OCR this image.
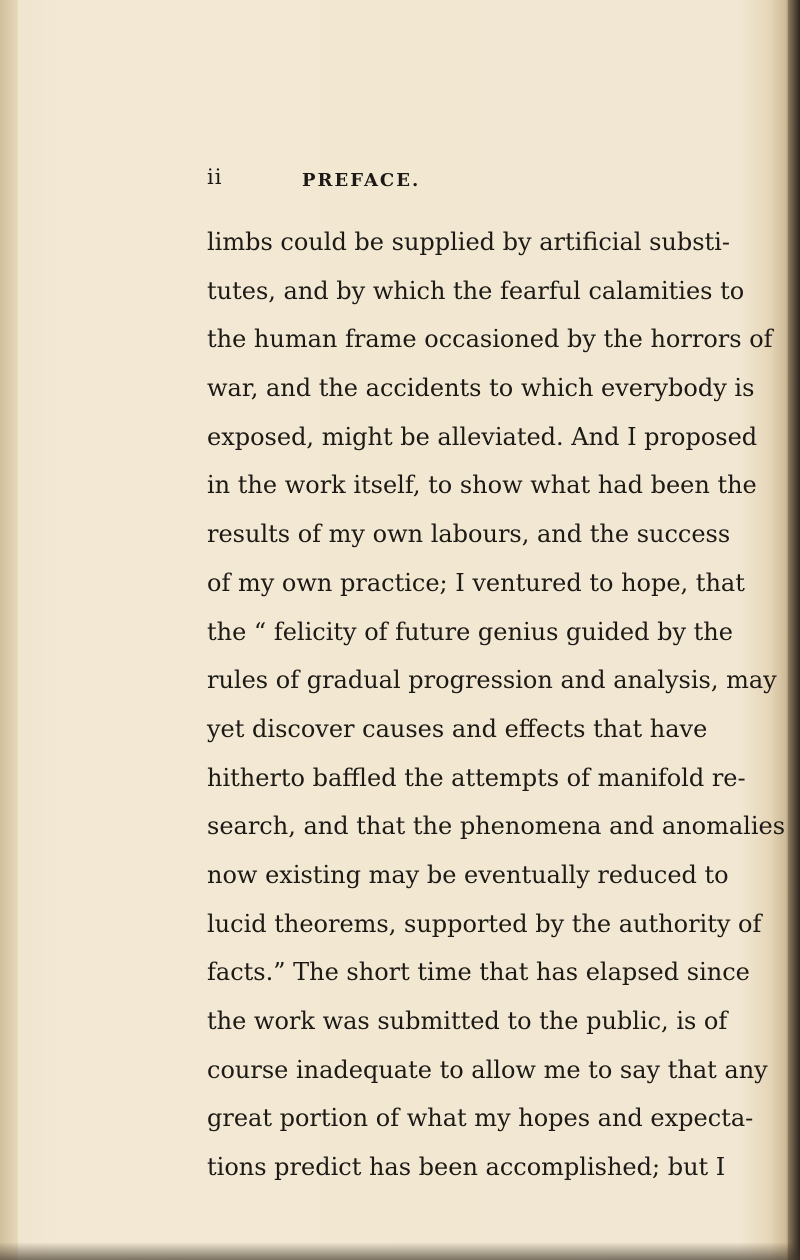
ii	PREFACE.
limbs could be supplied by artificial substi-
tutes, and by which the fearful calamities to
the human frame occasioned by the horrors of
war, and the accidents to which everybody is
exposed, might be alleviated. And I proposed
in the work itself, to show what had been the
results of my own labours, and the success
of my own practice; I ventured to hope, that
the “ felicity of future genius guided by the
rules of gradual progression and analysis, may
yet discover causes and effects that have
hitherto baffled the attempts of manifold re-
search, and that the phenomena and anomalies
now existing may be eventually reduced to
lucid theorems, supported by the authority of
facts.” The short time that has elapsed since
the work was submitted to the public, is of
course inadequate to allow me to say that any
great portion of what my hopes and expecta-
tions predict has been accomplished; but I
